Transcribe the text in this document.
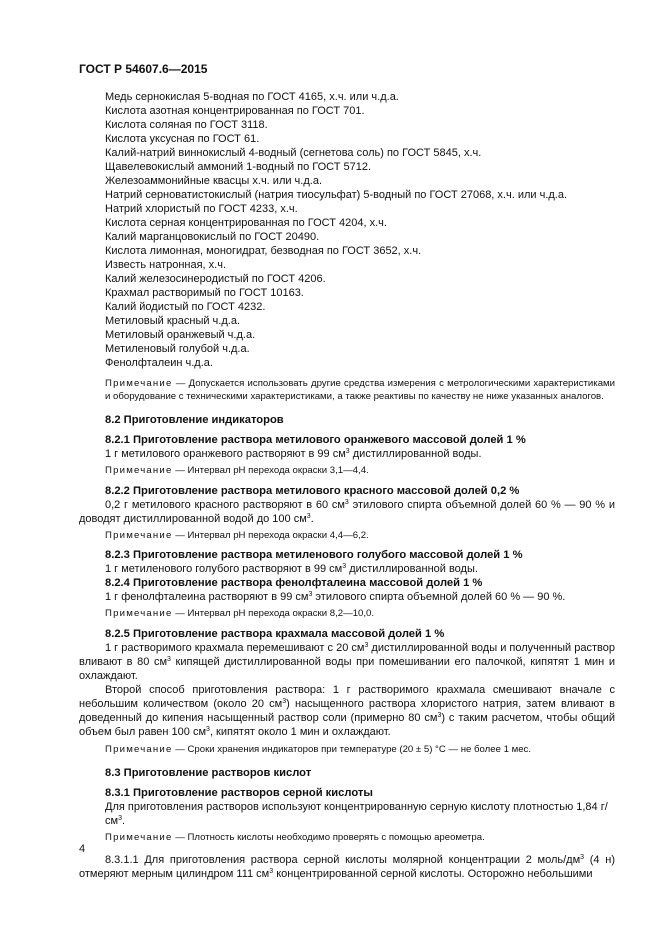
ГОСТ Р 54607.6—2015
Медь сернокислая 5-водная по ГОСТ 4165, х.ч. или ч.д.а.
Кислота азотная концентрированная по ГОСТ 701.
Кислота соляная по ГОСТ 3118.
Кислота уксусная по ГОСТ 61.
Калий-натрий виннокислый 4-водный (сегнетова соль) по ГОСТ 5845, х.ч.
Щавелевокислый аммоний 1-водный по ГОСТ 5712.
Железоаммонийные квасцы х.ч. или ч.д.а.
Натрий серноватистокислый (натрия тиосульфат) 5-водный по ГОСТ 27068, х.ч. или ч.д.а.
Натрий хлористый по ГОСТ 4233, х.ч.
Кислота серная концентрированная по ГОСТ 4204, х.ч.
Калий марганцовокислый по ГОСТ 20490.
Кислота лимонная, моногидрат, безводная по ГОСТ 3652, х.ч.
Известь натронная, х.ч.
Калий железосинеродистый по ГОСТ 4206.
Крахмал растворимый по ГОСТ 10163.
Калий йодистый по ГОСТ 4232.
Метиловый красный ч.д.а.
Метиловый оранжевый ч.д.а.
Метиленовый голубой ч.д.а.
Фенолфталеин ч.д.а.

Примечание — Допускается использовать другие средства измерения с метрологическими характеристиками и оборудование с техническими характеристиками, а также реактивы по качеству не ниже указанных аналогов.

8.2 Приготовление индикаторов
8.2.1 Приготовление раствора метилового оранжевого массовой долей 1 %

1 г метилового оранжевого растворяют в 99 $см^3$ дистиллированной воды.

Примечание — Интервал рН перехода окраски 3,1—4,4.

8.2.2 Приготовление раствора метилового красного массовой долей 0,2 %

0,2 г метилового красного растворяют в 60 $см^3$ этилового спирта объемной долей 60 % — 90 % и доводят дистиллированной водой до 100 $см^3$.

Примечание — Интервал рН перехода окраски 4,4—6,2.

8.2.3 Приготовление раствора метиленового голубого массовой долей 1 %

1 г метиленового голубого растворяют в 99 $см^3$ дистиллированной воды.

8.2.4 Приготовление раствора фенолфталеина массовой долей 1 %

1 г фенолфталеина растворяют в 99 $см^3$ этилового спирта объемной долей 60 % — 90 %.

Примечание — Интервал рН перехода окраски 8,2—10,0.

8.2.5 Приготовление раствора крахмала массовой долей 1 %

1 г растворимого крахмала перемешивают с 20 $см^3$ дистиллированной воды и полученный раствор вливают в 80 $см^3$ кипящей дистиллированной воды при помешивании его палочкой, кипятят 1 мин и охлаждают.

Второй способ приготовления раствора: 1 г растворимого крахмала смешивают вначале с небольшим количеством (около 20 $см^3$) насыщенного раствора хлористого натрия, затем вливают в доведенный до кипения насыщенный раствор соли (примерно 80 $см^3$) с таким расчетом, чтобы общий объем был равен 100 $см^3$, кипятят около 1 мин и охлаждают.

Примечание — Сроки хранения индикаторов при температуре (20 ± 5) °С — не более 1 мес.

8.3 Приготовление растворов кислот
8.3.1 Приготовление растворов серной кислоты

Для приготовления растворов используют концентрированную серную кислоту плотностью 1,84 $г/см^3$.

Примечание — Плотность кислоты необходимо проверять с помощью ареометра.

8.3.1.1 Для приготовления раствора серной кислоты молярной концентрации 2 моль/$дм^3$ (4 н) отмеряют мерным цилиндром 111 $см^3$ концентрированной серной кислоты. Осторожно небольшими

4
